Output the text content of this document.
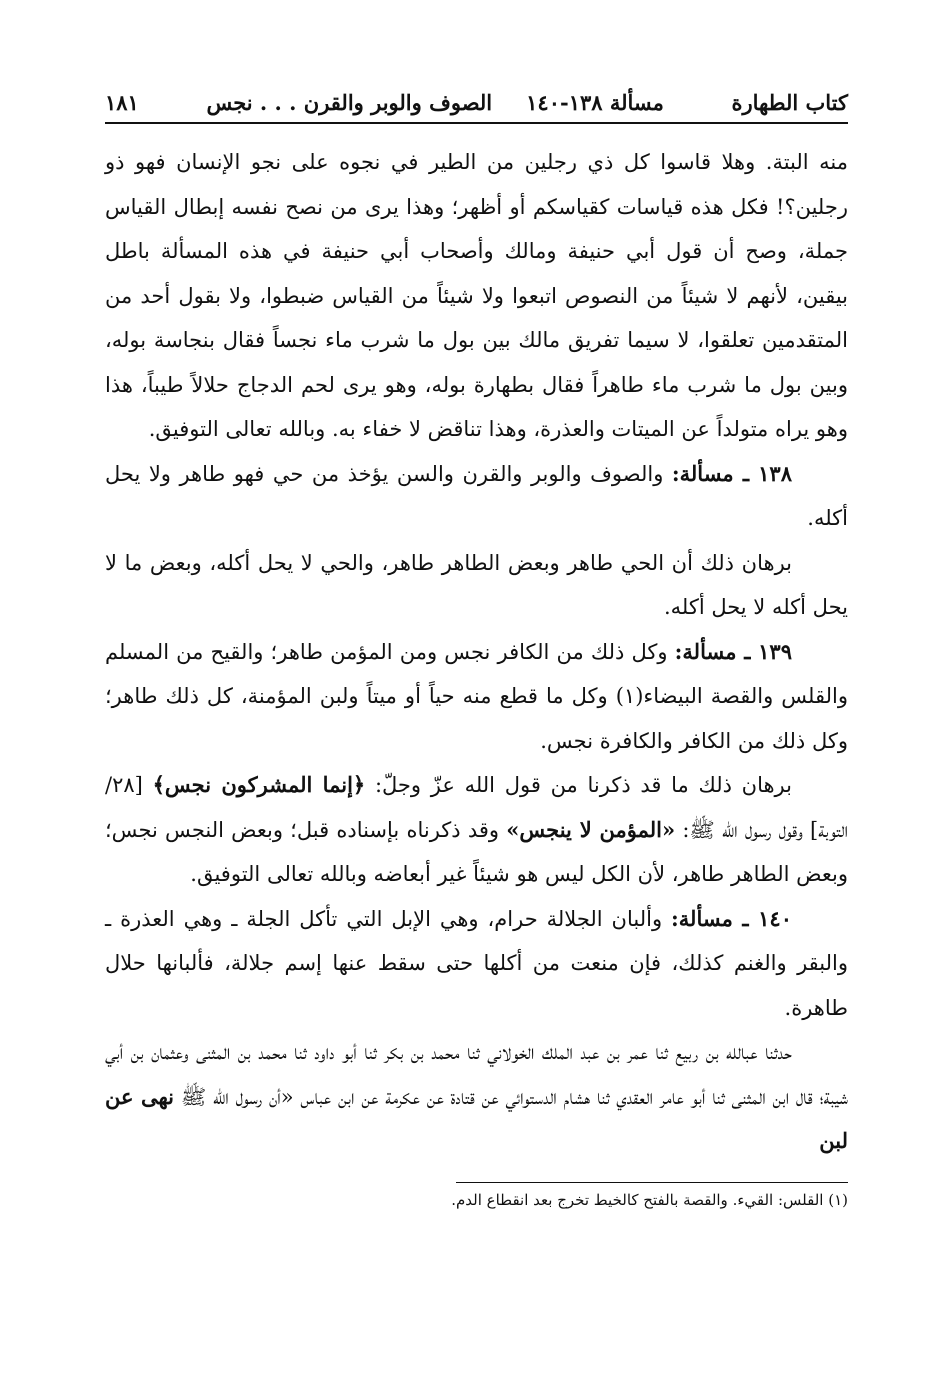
كتاب الطهارة
مسألة ١٣٨-١٤٠
الصوف والوبر والقرن . . . نجس
١٨١

منه البتة. وهلا قاسوا كل ذي رجلين من الطير في نجوه على نجو الإنسان فهو ذو رجلين؟! فكل هذه قياسات كقياسكم أو أظهر؛ وهذا يرى من نصح نفسه إبطال القياس جملة، وصح أن قول أبي حنيفة ومالك وأصحاب أبي حنيفة في هذه المسألة باطل بيقين، لأنهم لا شيئاً من النصوص اتبعوا ولا شيئاً من القياس ضبطوا، ولا بقول أحد من المتقدمين تعلقوا، لا سيما تفريق مالك بين بول ما شرب ماء نجساً فقال بنجاسة بوله، وبين بول ما شرب ماء طاهراً فقال بطهارة بوله، وهو يرى لحم الدجاج حلالاً طيباً، هذا وهو يراه متولداً عن الميتات والعذرة، وهذا تناقض لا خفاء به. وبالله تعالى التوفيق.

١٣٨ ـ مسألة: والصوف والوبر والقرن والسن يؤخذ من حي فهو طاهر ولا يحل أكله.

برهان ذلك أن الحي طاهر وبعض الطاهر طاهر، والحي لا يحل أكله، وبعض ما لا يحل أكله لا يحل أكله.

١٣٩ ـ مسألة: وكل ذلك من الكافر نجس ومن المؤمن طاهر؛ والقيح من المسلم والقلس والقصة البيضاء(١) وكل ما قطع منه حياً أو ميتاً ولبن المؤمنة، كل ذلك طاهر؛ وكل ذلك من الكافر والكافرة نجس.

برهان ذلك ما قد ذكرنا من قول الله عزّ وجلّ: ﴿إنما المشركون نجس﴾ [٢٨/ التوبة] وقول رسول الله ﷺ: «المؤمن لا ينجس» وقد ذكرناه بإسناده قبل؛ وبعض النجس نجس؛ وبعض الطاهر طاهر، لأن الكل ليس هو شيئاً غير أبعاضه وبالله تعالى التوفيق.

١٤٠ ـ مسألة: وألبان الجلالة حرام، وهي الإبل التي تأكل الجلة ـ وهي العذرة ـ والبقر والغنم كذلك، فإن منعت من أكلها حتى سقط عنها إسم جلالة، فألبانها حلال طاهرة.

حدثنا عبالله بن ربيع ثنا عمر بن عبد الملك الخولاني ثنا محمد بن بكر ثنا أبو داود ثنا محمد بن المثنى وعثمان بن أبي شيبة؛ قال ابن المثنى ثنا أبو عامر العقدي ثنا هشام الدستوائي عن قتادة عن عكرمة عن ابن عباس «أن رسول الله ﷺ نهى عن لبن

(١) القلس: القيء. والقصة بالفتح كالخيط تخرج بعد انقطاع الدم.
